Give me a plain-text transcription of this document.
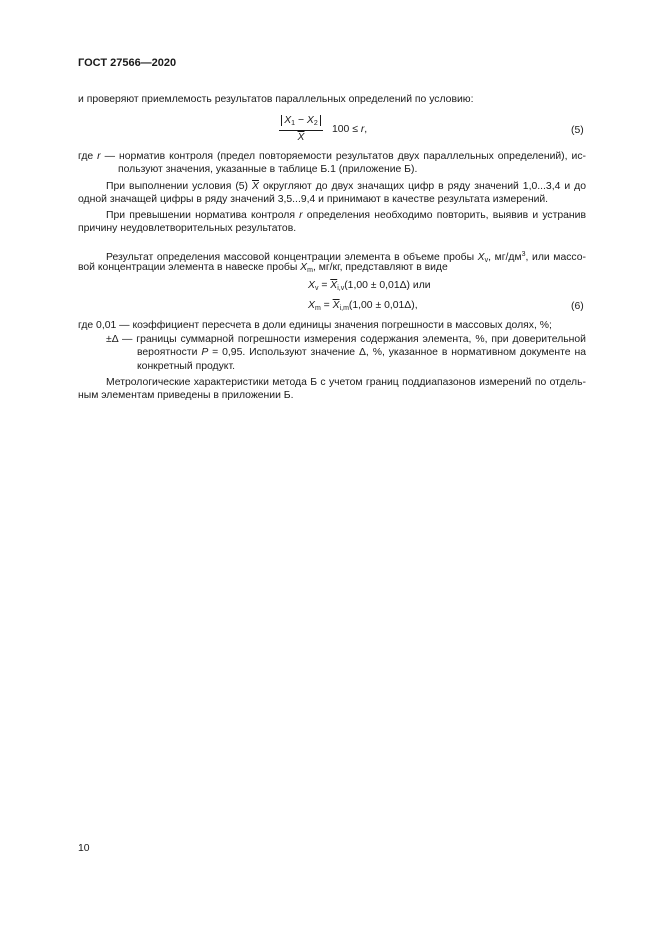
ГОСТ 27566—2020
и проверяют приемлемость результатов параллельных определений по условию:
$\frac{X_1 - X_2}{X} 100 \le r$,	(5)
где r — норматив контроля (предел повторяемости результатов двух параллельных определений), ис-
пользуют значения, указанные в таблице Б.1 (приложение Б).
При выполнении условия (5) $\overline{X}$ округляют до двух значащих цифр в ряду значений 1,0...3,4 и до
одной значащей цифры в ряду значений 3,5...9,4 и принимают в качестве результата измерений.
При превышении норматива контроля r определения необходимо повторить, выявив и устранив
причину неудовлетворительных результатов.
Результат определения массовой концентрации элемента в объеме пробы $X_v$, $мг/дм^3$, или массо-
вой концентрации элемента в навеске пробы $X_m$, мг/кг, представляют в виде
$X_v = \overline{X}_{i,v}(1,00 \pm 0,01\Delta)$ или
$X_m = \overline{X}_{i,m}(1,00 \pm 0,01\Delta)$,	(6)
где 0,01 — коэффициент пересчета в доли единицы значения погрешности в массовых долях, %;
±Δ — границы суммарной погрешности измерения содержания элемента, %, при доверительной
вероятности P = 0,95. Используют значение Δ, %, указанное в нормативном документе на
конкретный продукт.
Метрологические характеристики метода Б с учетом границ поддиапазонов измерений по отдель-
ным элементам приведены в приложении Б.
10
